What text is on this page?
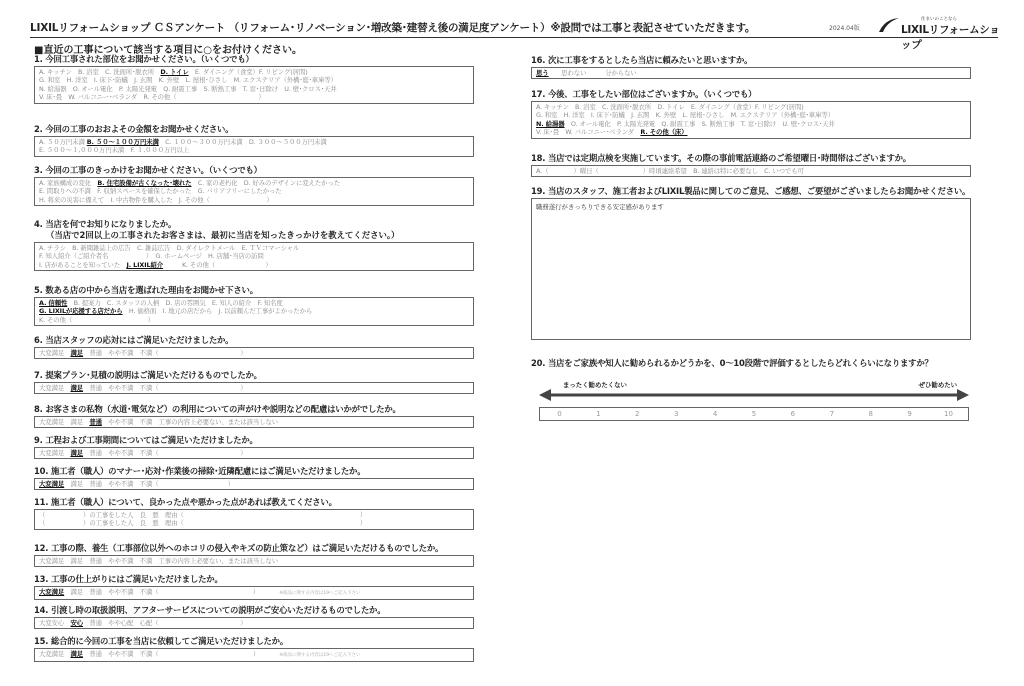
LIXILリフォームショップ ＣＳアンケート （リフォーム･リノベーション･増改築･建替え後の満足度アンケート）※設問では工事と表記させていただきます。	2024.04版
住まいのことなら
LIXILリフォームショップ
■直近の工事について該当する項目に○をお付けください。
1. 今回工事された部位をお聞かせください。（いくつでも）
A. キッチン　B. 浴室　C. 洗面所･脱衣所　D. トイレ　E. ダイニング（食堂）F. リビング(居間)
G. 和室　H. 洋室　I. 床下･防蟻　J. 玄関　K. 外壁　L. 屋根･ひさし　M. エクステリア（外構･庭･車庫等）
N. 給湯器　O. オール電化　P. 太陽光発電　Q. 耐震工事　S. 断熱工事　T. 窓･日除け　U. 壁･クロス･天井
V. 床･畳　W. バルコニー･ベランダ　R. その他（　　　　　　　　　　　　　）
2. 今回の工事のおおよその金額をお聞かせください。
A. ５０万円未満 B. ５０～１００万円未満　C. １００～３００万円未満　D. ３００～５００万円未満
E. ５００～１,０００万円未満　F. １,０００万円以上
3. 今回の工事のきっかけをお聞かせください。（いくつでも）
A. 家族構成の変化　B. 住宅設備が古くなった･壊れた　C. 家の老朽化　D. 好みのデザインに変えたかった
E. 間取りへの不満　F. 収納スペースを確保したかった　G. バリアフリーにしたかった
H. 将来の災害に備えて　I. 中古物件を購入した　J. その他（　　　　　　　　　）
4. 当店を何でお知りになりましたか。
（当店で2回以上の工事されたお客さまは、最初に当店を知ったきっかけを教えてください。）
A. チラシ　B. 新聞雑誌上の広告　C. 雑誌広告　D. ダイレクトメール　E. ＴＶコマーシャル
F. 知人紹介（ご紹介者名　　　　　　）　G. ホームページ　H. 店舗･当店の訪問
I. 店があることを知っていた　J. LIXIL紹介　　　K. その他（　　　　　　　　）
5. 数ある店の中から当店を選ばれた理由をお聞かせ下さい。
A. 信頼性　B. 提案力　C. スタッフの人柄　D. 店の雰囲気　E. 知人の紹介　F. 知名度
G. LIXILが応援する店だから　H. 価格面　I. 地元の店だから　J. 以前頼んだ工事がよかったから
K. その他（　　　　　　　　　　　　）
6. 当店スタッフの応対にはご満足いただけましたか。
大変満足　満足　普通　やや不満　不満（　　　　　　　　　　　　　）
7. 提案プラン･見積の説明はご満足いただけるものでしたか。
大変満足　満足　普通　やや不満　不満（　　　　　　　　　　　　　）
8. お客さまの私物（水道･電気など）の利用についての声がけや説明などの配慮はいかがでしたか。
大変満足　満足　普通　やや不満　不満　工事の内容上必要ない、または該当しない
9. 工程および工事期間についてはご満足いただけましたか。
大変満足　満足　普通　やや不満　不満（　　　　　　　　　　　　　）
10. 施工者（職人）のマナー･応対･作業後の掃除･近隣配慮にはご満足いただけましたか。
大変満足　満足　普通　やや不満　不満（　　　　　　　　　　　）
11. 施工者（職人）について、良かった点や悪かった点があれば教えてください。
（　　　　　　）の工事をした人　良　悪　理由（　　　　　　　　　　　　　　　　　　　　　　　　　　　　）
（　　　　　　）の工事をした人　良　悪　理由（　　　　　　　　　　　　　　　　　　　　　　　　　　　　）
12. 工事の際、養生（工事部位以外へのホコリの侵入やキズの防止策など）はご満足いただけるものでしたか。
大変満足　満足　普通　やや不満　不満　工事の内容上必要ない、または該当しない
13. 工事の仕上がりにはご満足いただけましたか。
大変満足　満足　普通　やや不満　不満（　　　　　　　　　　　　　　　）	※商品に関する内容は19へご記入下さい
14. 引渡し時の取扱説明、アフターサービスについての説明がご安心いただけるものでしたか。
大変安心　安心　普通　やや心配　心配（　　　　　　　　　　　　　）
15. 総合的に今回の工事を当店に依頼してご満足いただけましたか。
大変満足　満足　普通　やや不満　不満（　　　　　　　　　　　　　　　）	※商品に関する内容は19へご記入下さい
16. 次に工事をするとしたら当店に頼みたいと思いますか。
思う　　思わない　　　分からない
17. 今後、工事をしたい部位はございますか。（いくつでも）
A. キッチン　B. 浴室　C. 洗面所･脱衣所　D. トイレ　E. ダイニング（食堂）F. リビング(居間)
G. 和室　H. 洋室　I. 床下･防蟻　J. 玄関　K. 外壁　L. 屋根･ひさし　M. エクステリア（外構･庭･車庫等）
N. 給湯器　O. オール電化　P. 太陽光発電　Q. 耐震工事　S. 断熱工事　T. 窓･日除け　U. 壁･クロス･天井
V. 床･畳　W. バルコニー･ベランダ　R. その他（床）
18. 当店では定期点検を実施しています。その際の事前電話連絡のご希望曜日･時間帯はございますか。
A.（　　　　）曜日（　　　　　　　）時頃連絡希望　B. 連絡は特に必要なし　C. いつでも可
19. 当店のスタッフ、施工者およびLIXIL製品に関してのご意見、ご感想、ご要望がございましたらお聞かせください。
職務遂行がきっちりできる安定感があります
まったく勧めたくない	ぜひ勧めたい
0	1	2	3	4	5	6	7	8	9	10
20. 当店をご家族や知人に勧められるかどうかを、0～10段階で評価するとしたらどれくらいになりますか？
